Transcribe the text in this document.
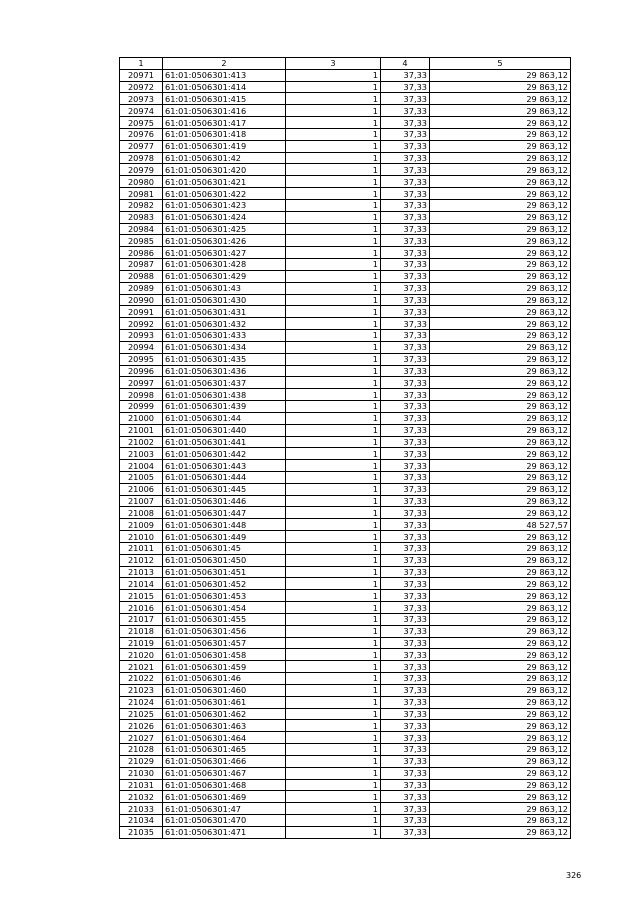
1	2	3	4	5
20971	61:01:0506301:413	1	37,33	29 863,12
20972	61:01:0506301:414	1	37,33	29 863,12
20973	61:01:0506301:415	1	37,33	29 863,12
20974	61:01:0506301:416	1	37,33	29 863,12
20975	61:01:0506301:417	1	37,33	29 863,12
20976	61:01:0506301:418	1	37,33	29 863,12
20977	61:01:0506301:419	1	37,33	29 863,12
20978	61:01:0506301:42	1	37,33	29 863,12
20979	61:01:0506301:420	1	37,33	29 863,12
20980	61:01:0506301:421	1	37,33	29 863,12
20981	61:01:0506301:422	1	37,33	29 863,12
20982	61:01:0506301:423	1	37,33	29 863,12
20983	61:01:0506301:424	1	37,33	29 863,12
20984	61:01:0506301:425	1	37,33	29 863,12
20985	61:01:0506301:426	1	37,33	29 863,12
20986	61:01:0506301:427	1	37,33	29 863,12
20987	61:01:0506301:428	1	37,33	29 863,12
20988	61:01:0506301:429	1	37,33	29 863,12
20989	61:01:0506301:43	1	37,33	29 863,12
20990	61:01:0506301:430	1	37,33	29 863,12
20991	61:01:0506301:431	1	37,33	29 863,12
20992	61:01:0506301:432	1	37,33	29 863,12
20993	61:01:0506301:433	1	37,33	29 863,12
20994	61:01:0506301:434	1	37,33	29 863,12
20995	61:01:0506301:435	1	37,33	29 863,12
20996	61:01:0506301:436	1	37,33	29 863,12
20997	61:01:0506301:437	1	37,33	29 863,12
20998	61:01:0506301:438	1	37,33	29 863,12
20999	61:01:0506301:439	1	37,33	29 863,12
21000	61:01:0506301:44	1	37,33	29 863,12
21001	61:01:0506301:440	1	37,33	29 863,12
21002	61:01:0506301:441	1	37,33	29 863,12
21003	61:01:0506301:442	1	37,33	29 863,12
21004	61:01:0506301:443	1	37,33	29 863,12
21005	61:01:0506301:444	1	37,33	29 863,12
21006	61:01:0506301:445	1	37,33	29 863,12
21007	61:01:0506301:446	1	37,33	29 863,12
21008	61:01:0506301:447	1	37,33	29 863,12
21009	61:01:0506301:448	1	37,33	48 527,57
21010	61:01:0506301:449	1	37,33	29 863,12
21011	61:01:0506301:45	1	37,33	29 863,12
21012	61:01:0506301:450	1	37,33	29 863,12
21013	61:01:0506301:451	1	37,33	29 863,12
21014	61:01:0506301:452	1	37,33	29 863,12
21015	61:01:0506301:453	1	37,33	29 863,12
21016	61:01:0506301:454	1	37,33	29 863,12
21017	61:01:0506301:455	1	37,33	29 863,12
21018	61:01:0506301:456	1	37,33	29 863,12
21019	61:01:0506301:457	1	37,33	29 863,12
21020	61:01:0506301:458	1	37,33	29 863,12
21021	61:01:0506301:459	1	37,33	29 863,12
21022	61:01:0506301:46	1	37,33	29 863,12
21023	61:01:0506301:460	1	37,33	29 863,12
21024	61:01:0506301:461	1	37,33	29 863,12
21025	61:01:0506301:462	1	37,33	29 863,12
21026	61:01:0506301:463	1	37,33	29 863,12
21027	61:01:0506301:464	1	37,33	29 863,12
21028	61:01:0506301:465	1	37,33	29 863,12
21029	61:01:0506301:466	1	37,33	29 863,12
21030	61:01:0506301:467	1	37,33	29 863,12
21031	61:01:0506301:468	1	37,33	29 863,12
21032	61:01:0506301:469	1	37,33	29 863,12
21033	61:01:0506301:47	1	37,33	29 863,12
21034	61:01:0506301:470	1	37,33	29 863,12
21035	61:01:0506301:471	1	37,33	29 863,12
326
